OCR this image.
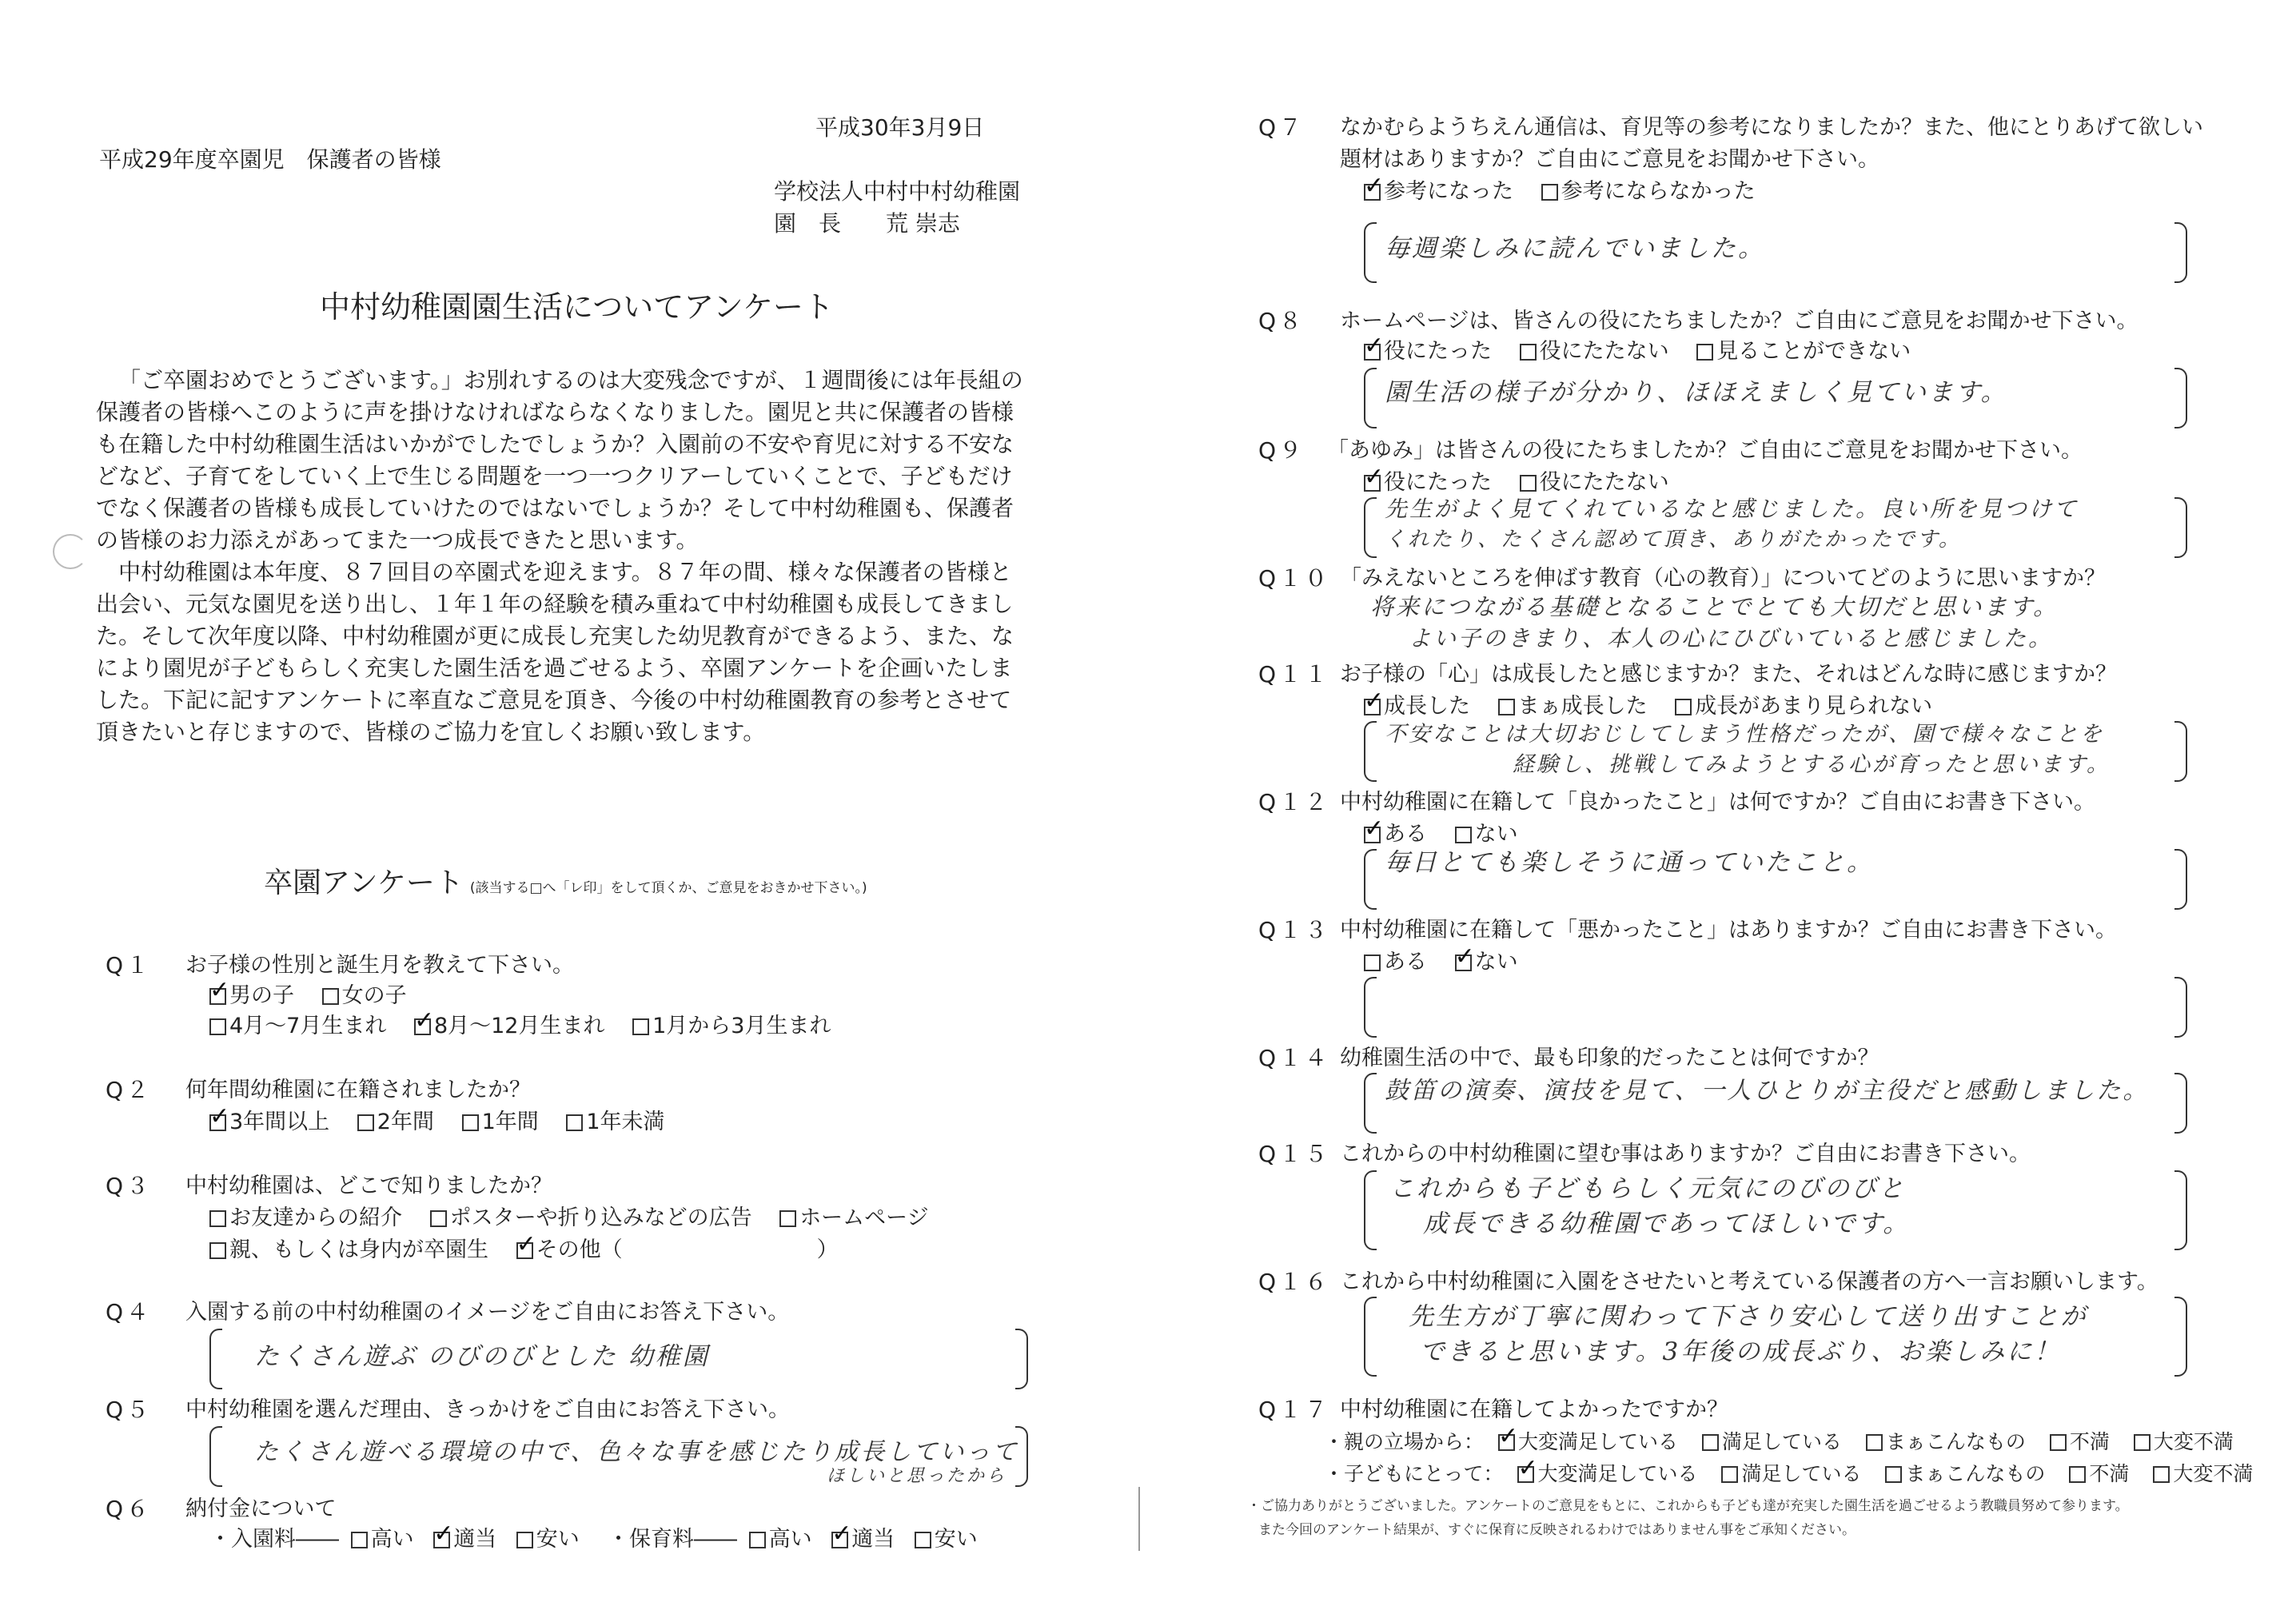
平成30年3月9日
平成29年度卒園児　保護者の皆様
学校法人中村中村幼稚園
園　長　　荒 崇志
中村幼稚園園生活についてアンケート

「ご卒園おめでとうございます。」お別れするのは大変残念ですが、１週間後には年長組の保護者の皆様へこのように声を掛けなければならなくなりました。園児と共に保護者の皆様も在籍した中村幼稚園生活はいかがでしたでしょうか？入園前の不安や育児に対する不安などなど、子育てをしていく上で生じる問題を一つ一つクリアーしていくことで、子どもだけでなく保護者の皆様も成長していけたのではないでしょうか？そして中村幼稚園も、保護者の皆様のお力添えがあってまた一つ成長できたと思います。

中村幼稚園は本年度、８７回目の卒園式を迎えます。８７年の間、様々な保護者の皆様と出会い、元気な園児を送り出し、１年１年の経験を積み重ねて中村幼稚園も成長してきました。そして次年度以降、中村幼稚園が更に成長し充実した幼児教育ができるよう、また、なにより園児が子どもらしく充実した園生活を過ごせるよう、卒園アンケートを企画いたしました。下記に記すアンケートに率直なご意見を頂き、今後の中村幼稚園教育の参考とさせて頂きたいと存じますので、皆様のご協力を宜しくお願い致します。

卒園アンケート (該当する□へ「レ印」をして頂くか、ご意見をおきかせ下さい。)
Q１ お子様の性別と誕生月を教えて下さい。
✓男の子 女の子
4月～7月生まれ ✓ 8月～12月生まれ 1月から3月生まれ
Q２ 何年間幼稚園に在籍されましたか？
✓3年間以上 2年間 1年間 1年未満
Q３ 中村幼稚園は、どこで知りましたか？
お友達からの紹介 ポスターや折り込みなどの広告 ホームページ
親、もしくは身内が卒園生 ✓ その他（　　　　　　　　　）
Q４ 入園する前の中村幼稚園のイメージをご自由にお答え下さい。
たくさん遊ぶ のびのびとした 幼稚園
Q５ 中村幼稚園を選んだ理由、きっかけをご自由にお答え下さい。
たくさん遊べる環境の中で、色々な事を感じたり成長していって
ほしいと思ったから
Q６ 納付金について
・入園料―― 高い ✓ 適当 安い	・保育料―― 高い ✓ 適当 安い
Q７ なかむらようちえん通信は、育児等の参考になりましたか？また、他にとりあげて欲しい
題材はありますか？ご自由にご意見をお聞かせ下さい。
✓参考になった 参考にならなかった
毎週楽しみに読んでいました。
Q８ ホームページは、皆さんの役にたちましたか？ご自由にご意見をお聞かせ下さい。
✓役にたった 役にたたない 見ることができない
園生活の様子が分かり、ほほえましく見ています。
Q９ 「あゆみ」は皆さんの役にたちましたか？ご自由にご意見をお聞かせ下さい。
✓役にたった 役にたたない
先生がよく見てくれているなと感じました。良い所を見つけて
くれたり、たくさん認めて頂き、ありがたかったです。
Q１０ 「みえないところを伸ばす教育（心の教育）」についてどのように思いますか？
将来につながる基礎となることでとても大切だと思います。
よい子のきまり、本人の心にひびいていると感じました。
Q１１ お子様の「心」は成長したと感じますか？また、それはどんな時に感じますか？
✓成長した まぁ成長した 成長があまり見られない
不安なことは大切おじしてしまう性格だったが、園で様々なことを
経験し、挑戦してみようとする心が育ったと思います。
Q１２ 中村幼稚園に在籍して「良かったこと」は何ですか？ご自由にお書き下さい。
✓ある ない
毎日とても楽しそうに通っていたこと。
Q１３ 中村幼稚園に在籍して「悪かったこと」はありますか？ご自由にお書き下さい。
ある ✓ ない
Q１４ 幼稚園生活の中で、最も印象的だったことは何ですか？
鼓笛の演奏、演技を見て、一人ひとりが主役だと感動しました。
Q１５ これからの中村幼稚園に望む事はありますか？ご自由にお書き下さい。
これからも子どもらしく元気にのびのびと
成長できる幼稚園であってほしいです。
Q１６ これから中村幼稚園に入園をさせたいと考えている保護者の方へ一言お願いします。
先生方が丁寧に関わって下さり安心して送り出すことが
できると思います。3年後の成長ぶり、お楽しみに！
Q１７ 中村幼稚園に在籍してよかったですか？
・親の立場から： ✓ 大変満足している 満足している まぁこんなもの 不満 大変不満
・子どもにとって： ✓ 大変満足している 満足している まぁこんなもの 不満 大変不満
・ご協力ありがとうございました。アンケートのご意見をもとに、これからも子ども達が充実した園生活を過ごせるよう教職員努めて参ります。
また今回のアンケート結果が、すぐに保育に反映されるわけではありません事をご承知ください。
